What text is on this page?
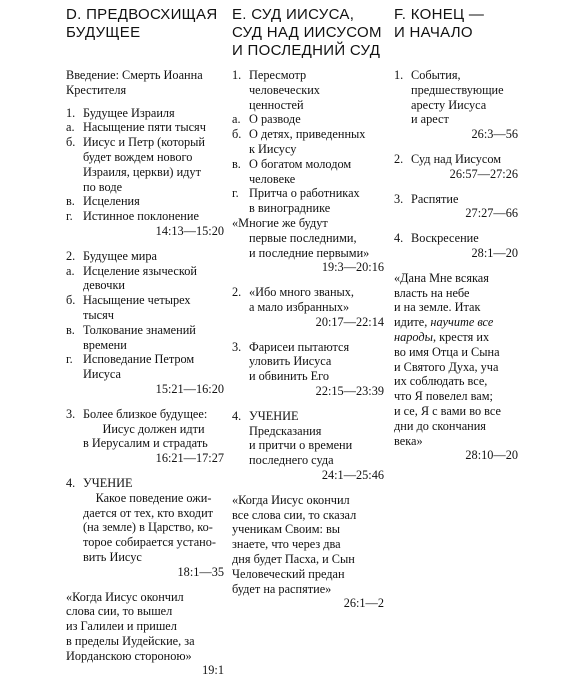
D. ПРЕДВОСХИЩАЯ
БУДУЩЕЕ
Введение: Смерть Иоанна
Крестителя
1. Будущее Израиля
а. Насыщение пяти тысяч
б. Иисус и Петр (который
будет вождем нового
Израиля, церкви) идут
по воде
в. Исцеления
г. Истинное поклонение
14:13—15:20
2. Будущее мира
а. Исцеление языческой
девочки
б. Насыщение четырех
тысяч
в. Толкование знамений
времени
г. Исповедание Петром
Иисуса
15:21—16:20
3. Более близкое будущее:
Иисус должен идти
в Иерусалим и страдать
16:21—17:27
4. УЧЕНИЕ
Какое поведение ожи-
дается от тех, кто входит
(на земле) в Царство, ко-
торое собирается устано-
вить Иисус
18:1—35
«Когда Иисус окончил
слова сии, то вышел
из Галилеи и пришел
в пределы Иудейские, за
Иорданскою стороною»
19:1
E. СУД ИИСУСА,
СУД НАД ИИСУСОМ
И ПОСЛЕДНИЙ СУД
1. Пересмотр
человеческих
ценностей
а. О разводе
б. О детях, приведенных
к Иисусу
в. О богатом молодом
человеке
г. Притча о работниках
в винограднике
«Многие же будут
первые последними,
и последние первыми»
19:3—20:16
2. «Ибо много званых,
а мало избранных»
20:17—22:14
3. Фарисеи пытаются
уловить Иисуса
и обвинить Его
22:15—23:39
4. УЧЕНИЕ
Предсказания
и притчи о времени
последнего суда
24:1—25:46
«Когда Иисус окончил
все слова сии, то сказал
ученикам Своим: вы
знаете, что через два
дня будет Пасха, и Сын
Человеческий предан
будет на распятие»
26:1—2
F. КОНЕЦ —
И НАЧАЛО
1. События,
предшествующие
аресту Иисуса
и арест
26:3—56
2. Суд над Иисусом
26:57—27:26
3. Распятие
27:27—66
4. Воскресение
28:1—20
«Дана Мне всякая
власть на небе
и на земле. Итак
идите, научите все
народы, крестя их
во имя Отца и Сына
и Святого Духа, уча
их соблюдать все,
что Я повелел вам;
и се, Я с вами во все
дни до скончания
века»
28:10—20
